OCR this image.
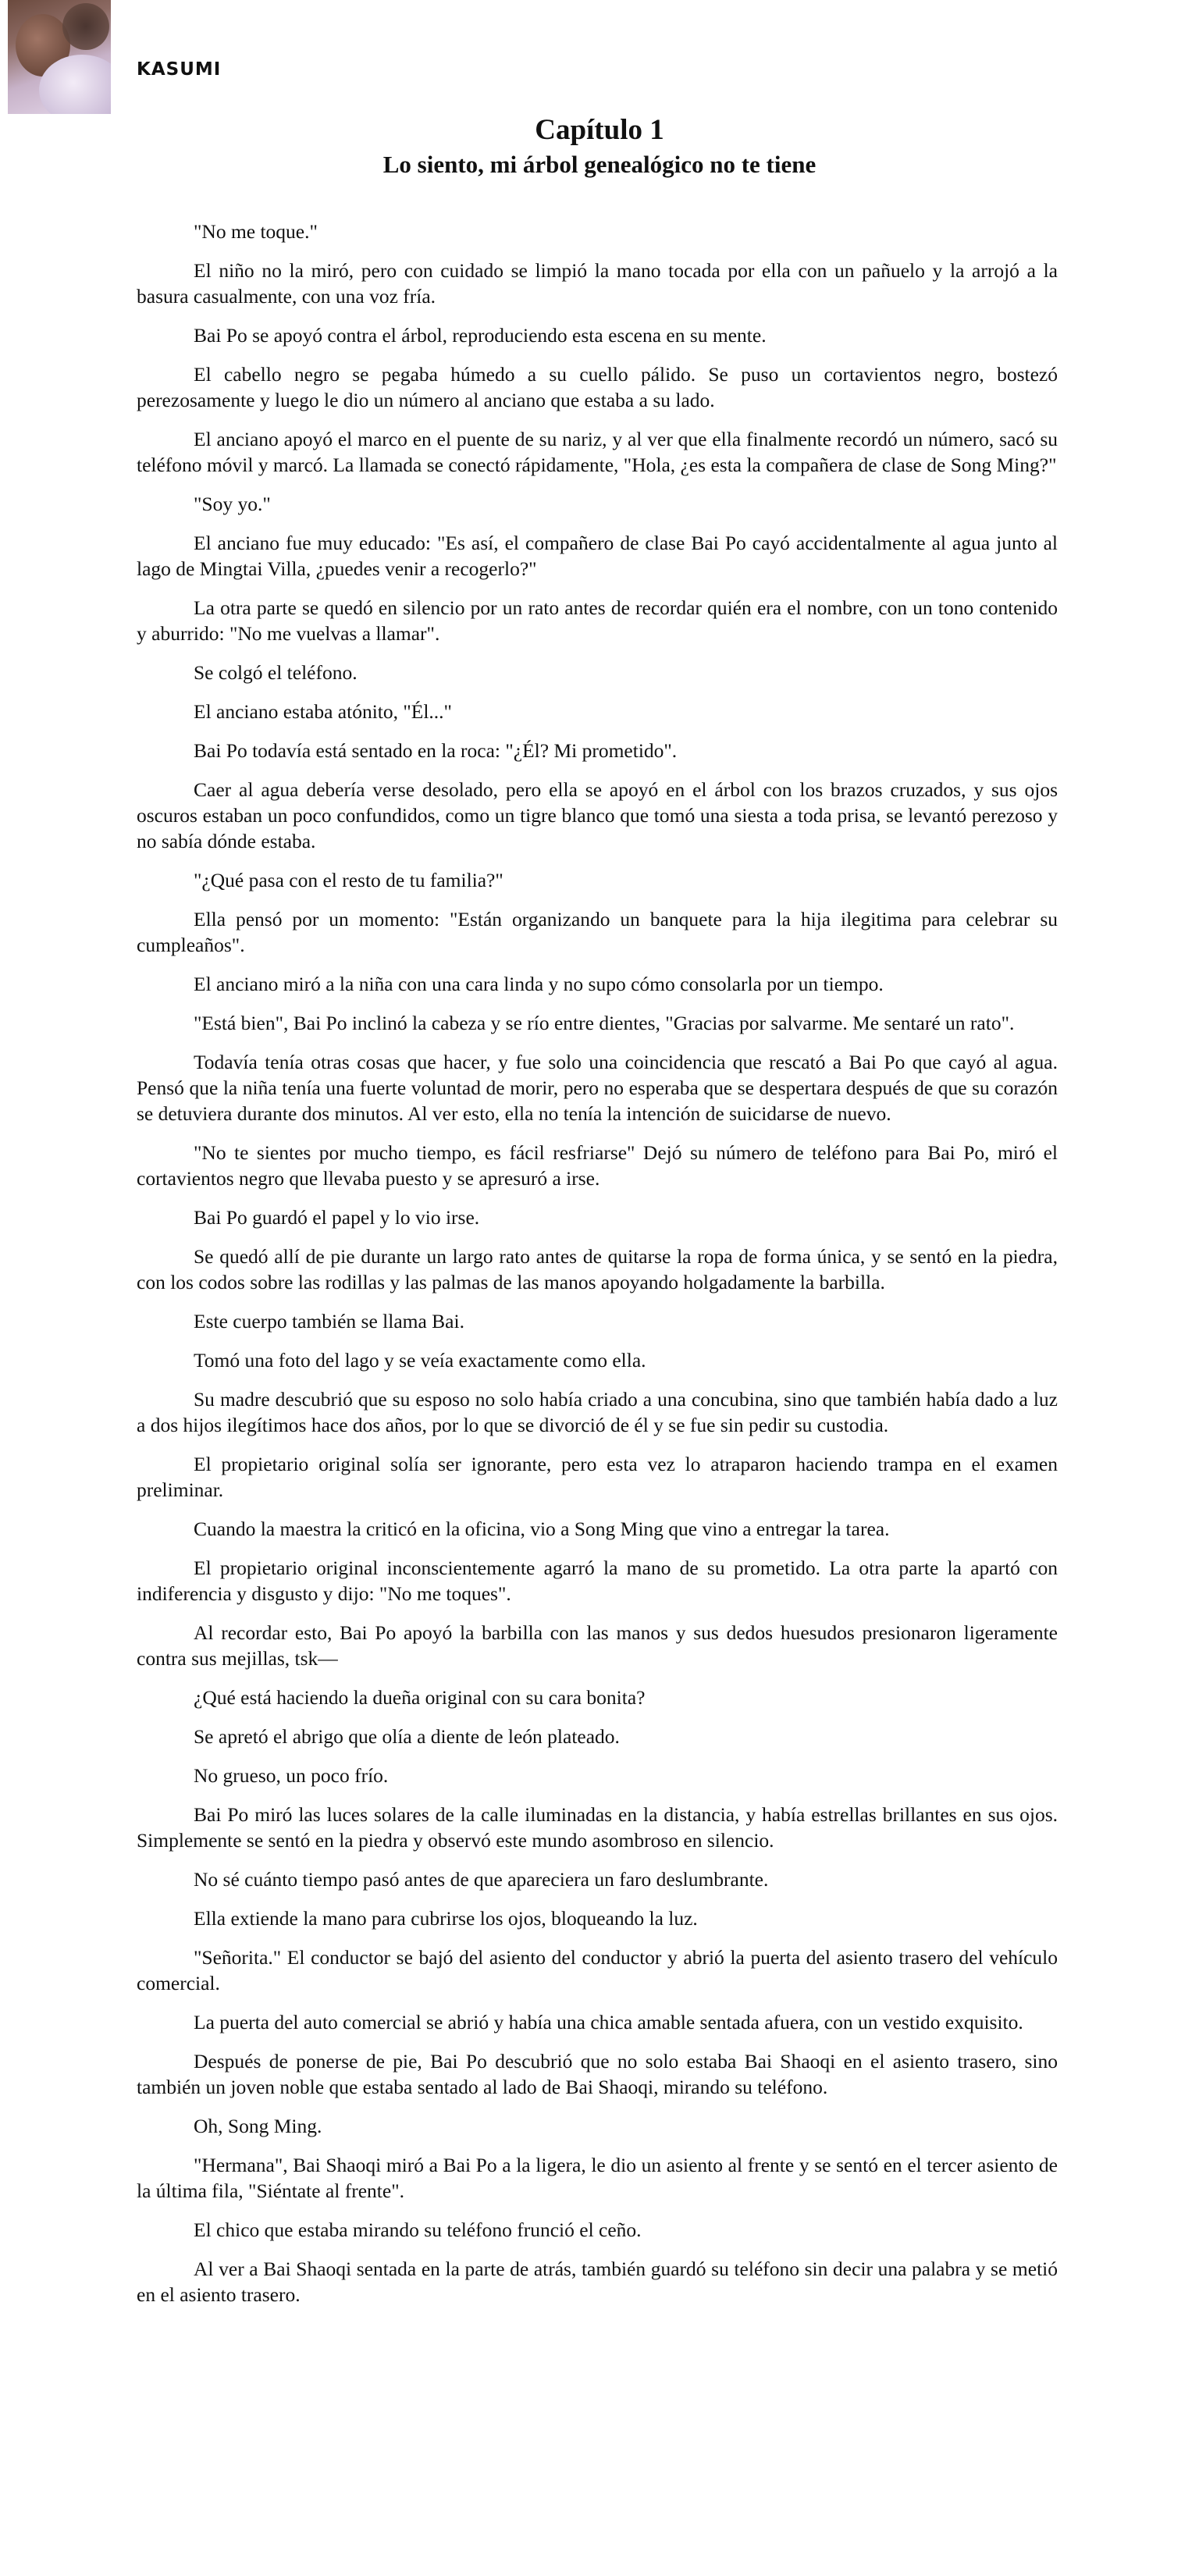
KASUMI
Capítulo 1
Lo siento, mi árbol genealógico no te tiene

"No me toque."

El niño no la miró, pero con cuidado se limpió la mano tocada por ella con un pañuelo y la arrojó a la basura casualmente, con una voz fría.

Bai Po se apoyó contra el árbol, reproduciendo esta escena en su mente.

El cabello negro se pegaba húmedo a su cuello pálido. Se puso un cortavientos negro, bostezó perezosamente y luego le dio un número al anciano que estaba a su lado.

El anciano apoyó el marco en el puente de su nariz, y al ver que ella finalmente recordó un número, sacó su teléfono móvil y marcó. La llamada se conectó rápidamente, "Hola, ¿es esta la compañera de clase de Song Ming?"

"Soy yo."

El anciano fue muy educado: "Es así, el compañero de clase Bai Po cayó accidentalmente al agua junto al lago de Mingtai Villa, ¿puedes venir a recogerlo?"

La otra parte se quedó en silencio por un rato antes de recordar quién era el nombre, con un tono contenido y aburrido: "No me vuelvas a llamar".

Se colgó el teléfono.

El anciano estaba atónito, "Él..."

Bai Po todavía está sentado en la roca: "¿Él? Mi prometido".

Caer al agua debería verse desolado, pero ella se apoyó en el árbol con los brazos cruzados, y sus ojos oscuros estaban un poco confundidos, como un tigre blanco que tomó una siesta a toda prisa, se levantó perezoso y no sabía dónde estaba.

"¿Qué pasa con el resto de tu familia?"

Ella pensó por un momento: "Están organizando un banquete para la hija ilegitima para celebrar su cumpleaños".

El anciano miró a la niña con una cara linda y no supo cómo consolarla por un tiempo.

"Está bien", Bai Po inclinó la cabeza y se río entre dientes, "Gracias por salvarme. Me sentaré un rato".

Todavía tenía otras cosas que hacer, y fue solo una coincidencia que rescató a Bai Po que cayó al agua. Pensó que la niña tenía una fuerte voluntad de morir, pero no esperaba que se despertara después de que su corazón se detuviera durante dos minutos. Al ver esto, ella no tenía la intención de suicidarse de nuevo.

"No te sientes por mucho tiempo, es fácil resfriarse" Dejó su número de teléfono para Bai Po, miró el cortavientos negro que llevaba puesto y se apresuró a irse.

Bai Po guardó el papel y lo vio irse.

Se quedó allí de pie durante un largo rato antes de quitarse la ropa de forma única, y se sentó en la piedra, con los codos sobre las rodillas y las palmas de las manos apoyando holgadamente la barbilla.

Este cuerpo también se llama Bai.

Tomó una foto del lago y se veía exactamente como ella.

Su madre descubrió que su esposo no solo había criado a una concubina, sino que también había dado a luz a dos hijos ilegítimos hace dos años, por lo que se divorció de él y se fue sin pedir su custodia.

El propietario original solía ser ignorante, pero esta vez lo atraparon haciendo trampa en el examen preliminar.

Cuando la maestra la criticó en la oficina, vio a Song Ming que vino a entregar la tarea.

El propietario original inconscientemente agarró la mano de su prometido. La otra parte la apartó con indiferencia y disgusto y dijo: "No me toques".

Al recordar esto, Bai Po apoyó la barbilla con las manos y sus dedos huesudos presionaron ligeramente contra sus mejillas, tsk—

¿Qué está haciendo la dueña original con su cara bonita?

Se apretó el abrigo que olía a diente de león plateado.

No grueso, un poco frío.

Bai Po miró las luces solares de la calle iluminadas en la distancia, y había estrellas brillantes en sus ojos. Simplemente se sentó en la piedra y observó este mundo asombroso en silencio.

No sé cuánto tiempo pasó antes de que apareciera un faro deslumbrante.

Ella extiende la mano para cubrirse los ojos, bloqueando la luz.

"Señorita." El conductor se bajó del asiento del conductor y abrió la puerta del asiento trasero del vehículo comercial.

La puerta del auto comercial se abrió y había una chica amable sentada afuera, con un vestido exquisito.

Después de ponerse de pie, Bai Po descubrió que no solo estaba Bai Shaoqi en el asiento trasero, sino también un joven noble que estaba sentado al lado de Bai Shaoqi, mirando su teléfono.

Oh, Song Ming.

"Hermana", Bai Shaoqi miró a Bai Po a la ligera, le dio un asiento al frente y se sentó en el tercer asiento de la última fila, "Siéntate al frente".

El chico que estaba mirando su teléfono frunció el ceño.

Al ver a Bai Shaoqi sentada en la parte de atrás, también guardó su teléfono sin decir una palabra y se metió en el asiento trasero.
